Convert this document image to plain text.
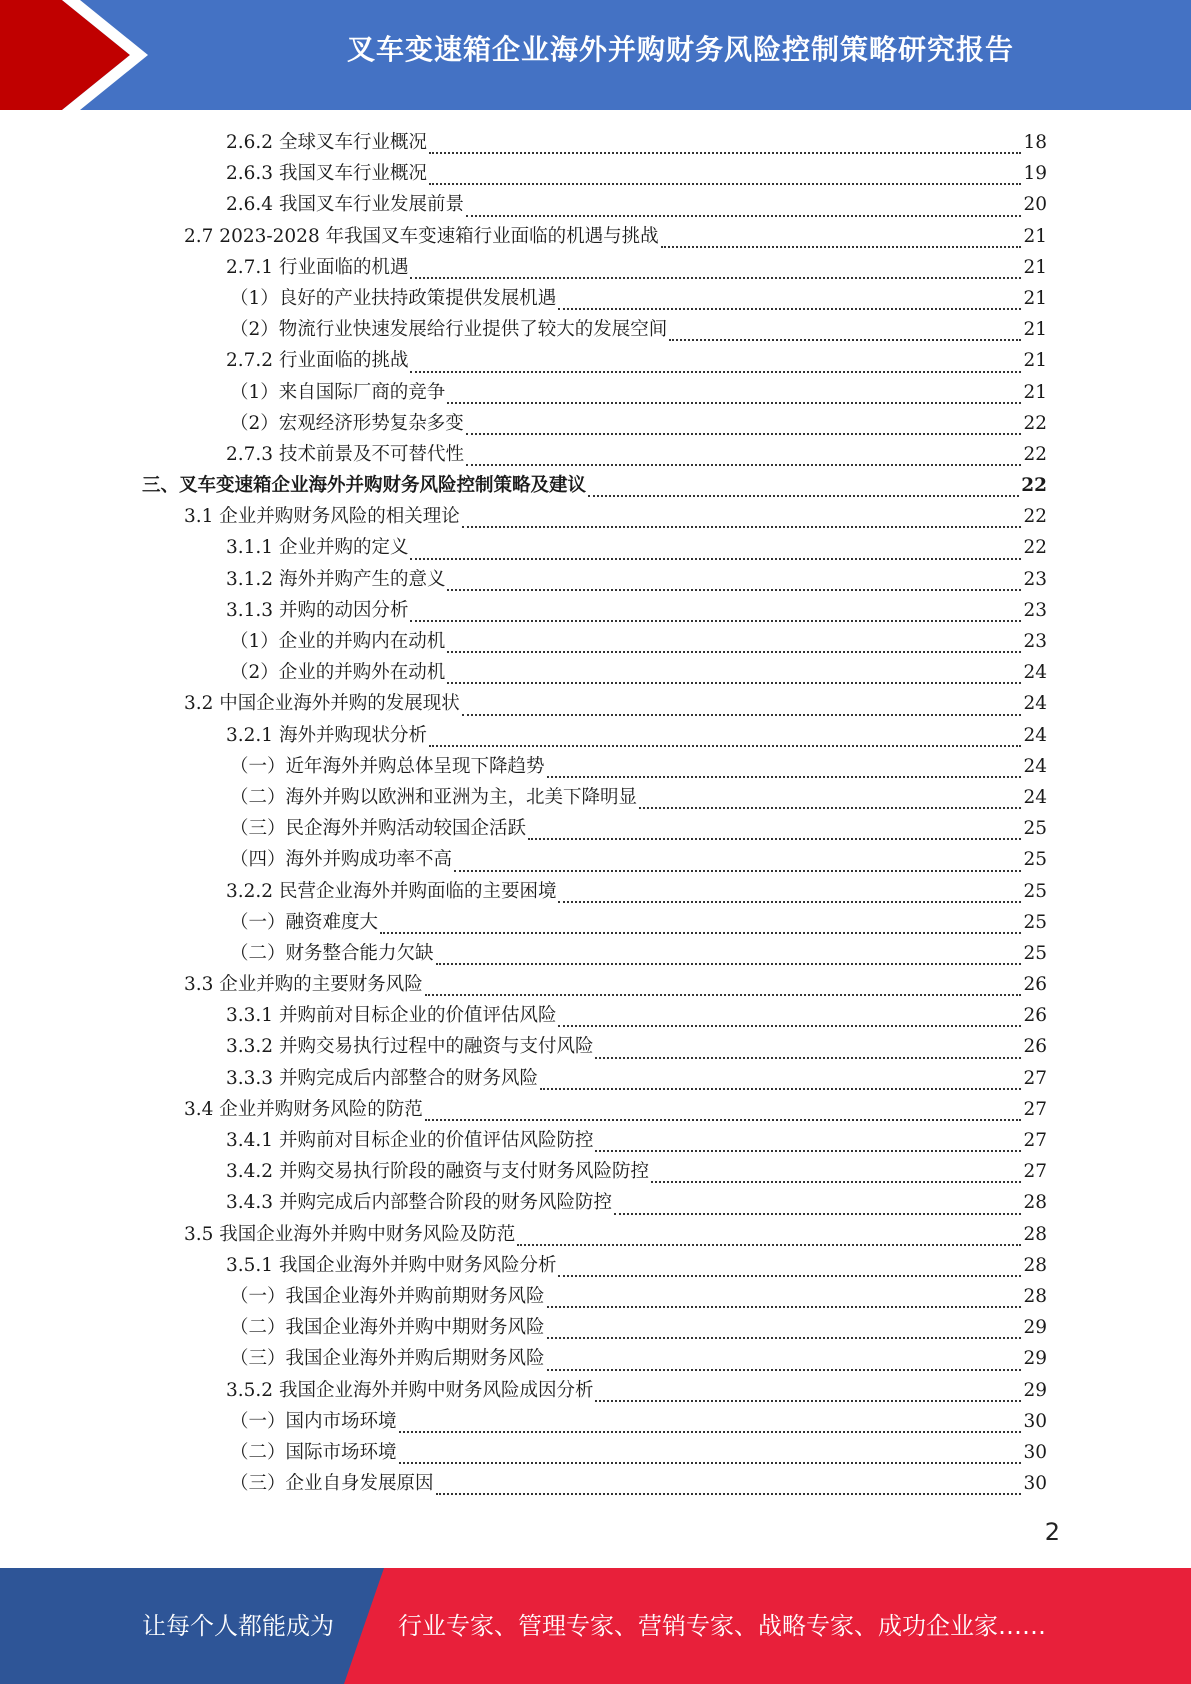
叉车变速箱企业海外并购财务风险控制策略研究报告
2.6.2 全球叉车行业概况	18
2.6.3 我国叉车行业概况	19
2.6.4 我国叉车行业发展前景	20
2.7 2023-2028 年我国叉车变速箱行业面临的机遇与挑战	21
2.7.1 行业面临的机遇	21
（1）良好的产业扶持政策提供发展机遇	21
（2）物流行业快速发展给行业提供了较大的发展空间	21
2.7.2 行业面临的挑战	21
（1）来自国际厂商的竞争	21
（2）宏观经济形势复杂多变	22
2.7.3 技术前景及不可替代性	22
三、叉车变速箱企业海外并购财务风险控制策略及建议	22
3.1 企业并购财务风险的相关理论	22
3.1.1 企业并购的定义	22
3.1.2 海外并购产生的意义	23
3.1.3 并购的动因分析	23
（1）企业的并购内在动机	23
（2）企业的并购外在动机	24
3.2 中国企业海外并购的发展现状	24
3.2.1 海外并购现状分析	24
（一）近年海外并购总体呈现下降趋势	24
（二）海外并购以欧洲和亚洲为主，北美下降明显	24
（三）民企海外并购活动较国企活跃	25
（四）海外并购成功率不高	25
3.2.2 民营企业海外并购面临的主要困境	25
（一）融资难度大	25
（二）财务整合能力欠缺	25
3.3 企业并购的主要财务风险	26
3.3.1 并购前对目标企业的价值评估风险	26
3.3.2 并购交易执行过程中的融资与支付风险	26
3.3.3 并购完成后内部整合的财务风险	27
3.4 企业并购财务风险的防范	27
3.4.1 并购前对目标企业的价值评估风险防控	27
3.4.2 并购交易执行阶段的融资与支付财务风险防控	27
3.4.3 并购完成后内部整合阶段的财务风险防控	28
3.5 我国企业海外并购中财务风险及防范	28
3.5.1 我国企业海外并购中财务风险分析	28
（一）我国企业海外并购前期财务风险	28
（二）我国企业海外并购中期财务风险	29
（三）我国企业海外并购后期财务风险	29
3.5.2 我国企业海外并购中财务风险成因分析	29
（一）国内市场环境	30
（二）国际市场环境	30
（三）企业自身发展原因	30
2
让每个人都能成为	行业专家、管理专家、营销专家、战略专家、成功企业家……
